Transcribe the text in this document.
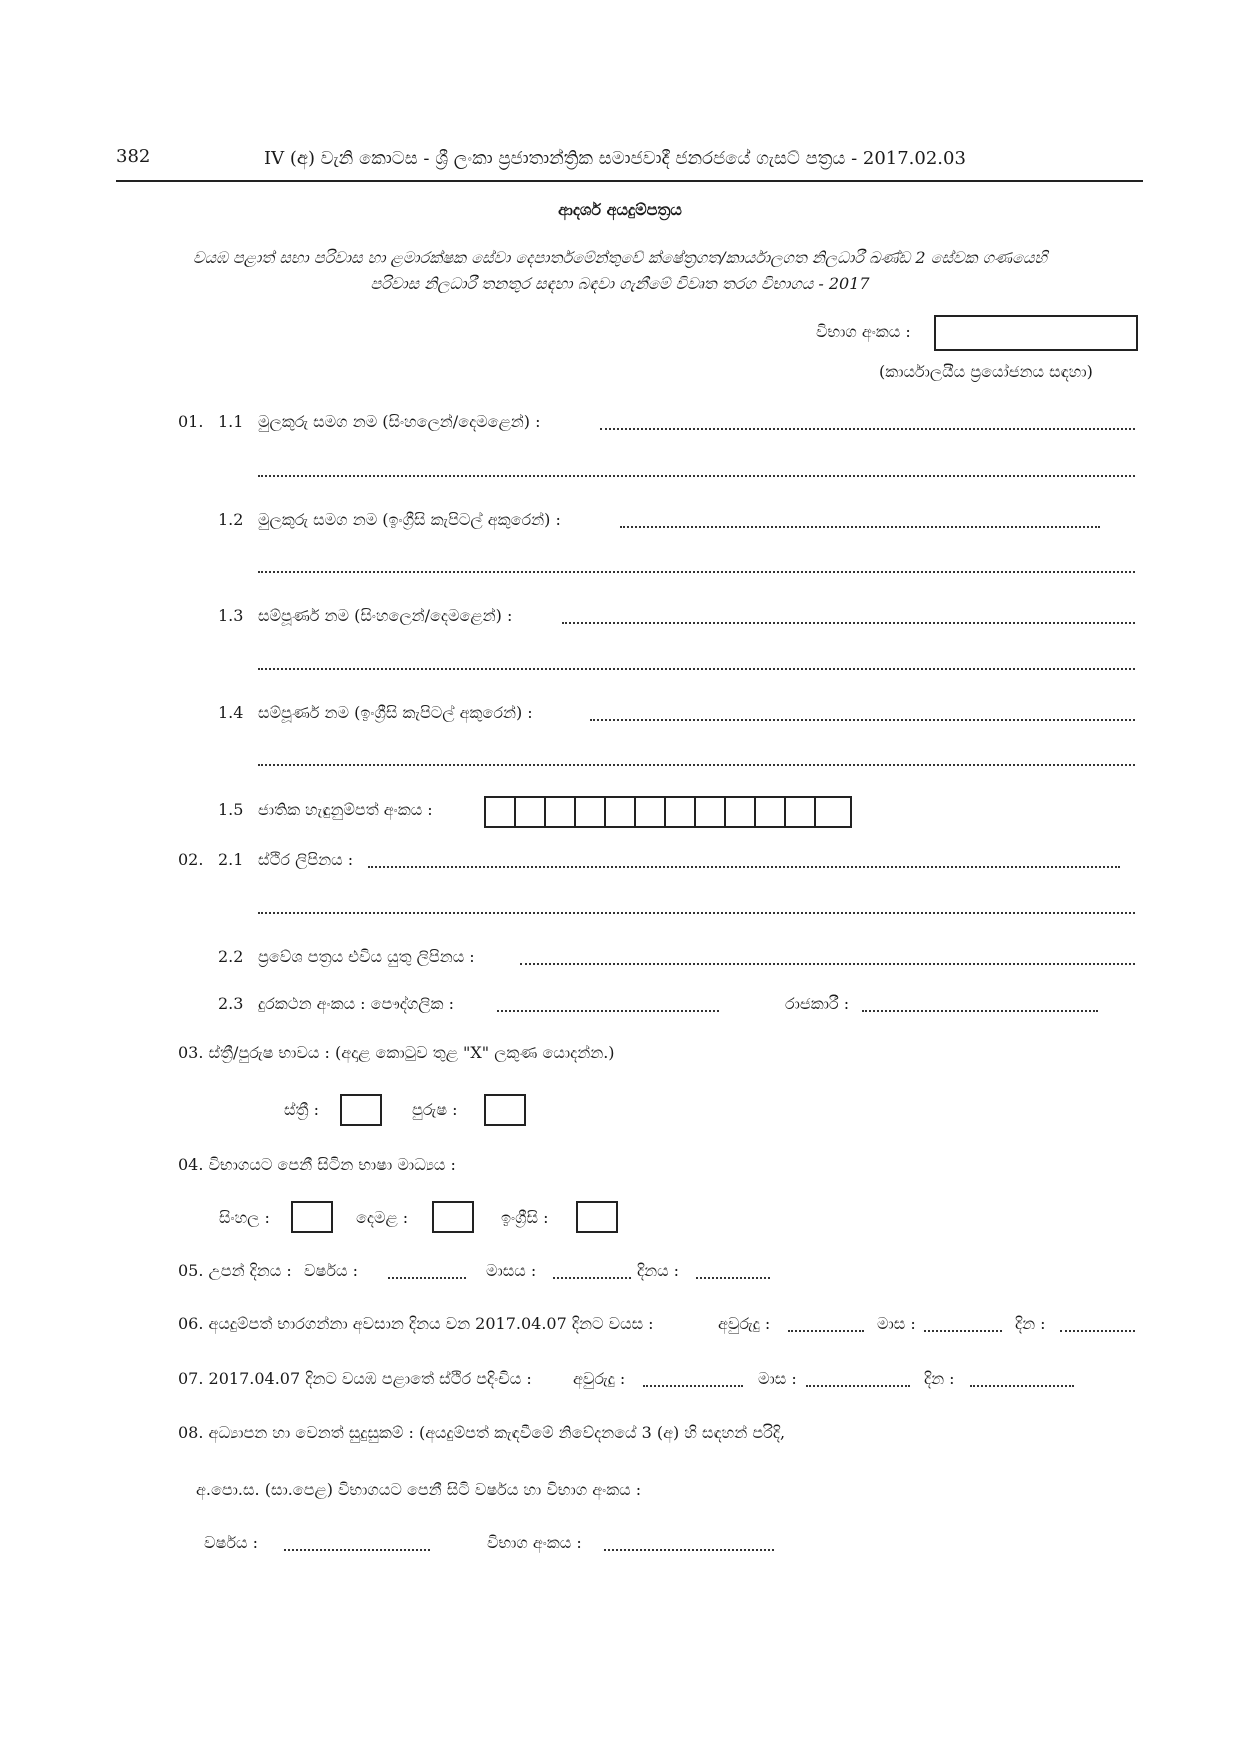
382	IV (අ) වැනි කොටස - ශ්‍රී ලංකා ප්‍රජාතාන්ත්‍රික සමාජවාදී ජනරජයේ ගැසට් පත්‍රය - 2017.02.03
ආදර්ශ අයදුම්පත්‍රය
වයඹ පළාත් සභා පරිවාස හා ළමාරක්ෂක සේවා දෙපාර්තමේන්තුවේ ක්ෂේත්‍රගත/කාර්යාලගත නිලධාරී ඛණ්ඩ 2 සේවක ගණයෙහි
පරිවාස නිලධාරී තනතුර සඳහා බඳවා ගැනීමේ විවෘත තරග විභාගය - 2017
විභාග අංකය :
(කාර්යාලයීය ප්‍රයෝජනය සඳහා)
01. 1.1 මුලකුරු සමග නම (සිංහලෙන්/දෙමළෙන්) :
1.2 මුලකුරු සමග නම (ඉංග්‍රීසි කැපිටල් අකුරෙන්) :
1.3 සම්පූර්ණ නම (සිංහලෙන්/දෙමළෙන්) :
1.4 සම්පූර්ණ නම (ඉංග්‍රීසි කැපිටල් අකුරෙන්) :
1.5 ජාතික හැඳුනුම්පත් අංකය :
02. 2.1 ස්ථිර ලිපිනය :
2.2 ප්‍රවේශ පත්‍රය එවිය යුතු ලිපිනය :
2.3 දුරකථන අංකය : පෞද්ගලික :	රාජකාරී :
03. ස්ත්‍රී/පුරුෂ භාවය : (අදාළ කොටුව තුළ "X" ලකුණ යොදන්න.)
ස්ත්‍රී :	පුරුෂ :
04. විභාගයට පෙනී සිටින භාෂා මාධ්‍යය :
සිංහල :	දෙමළ :	ඉංග්‍රීසි :
05. උපන් දිනය : වර්ෂය :	මාසය :	දිනය :
06. අයදුම්පත් භාරගන්නා අවසාන දිනය වන 2017.04.07 දිනට වයස :	අවුරුදු :	මාස :	දින :
07. 2017.04.07 දිනට වයඹ පළාතේ ස්ථිර පදිංචිය :	අවුරුදු :	මාස :	දින :
08. අධ්‍යාපන හා වෙනත් සුදුසුකම් : (අයදුම්පත් කැඳවීමේ නිවේදනයේ 3 (අ) හි සඳහන් පරිදි,
අ.පො.ස. (සා.පෙළ) විභාගයට පෙනී සිටි වර්ෂය හා විභාග අංකය :
වර්ෂය :	විභාග අංකය :
